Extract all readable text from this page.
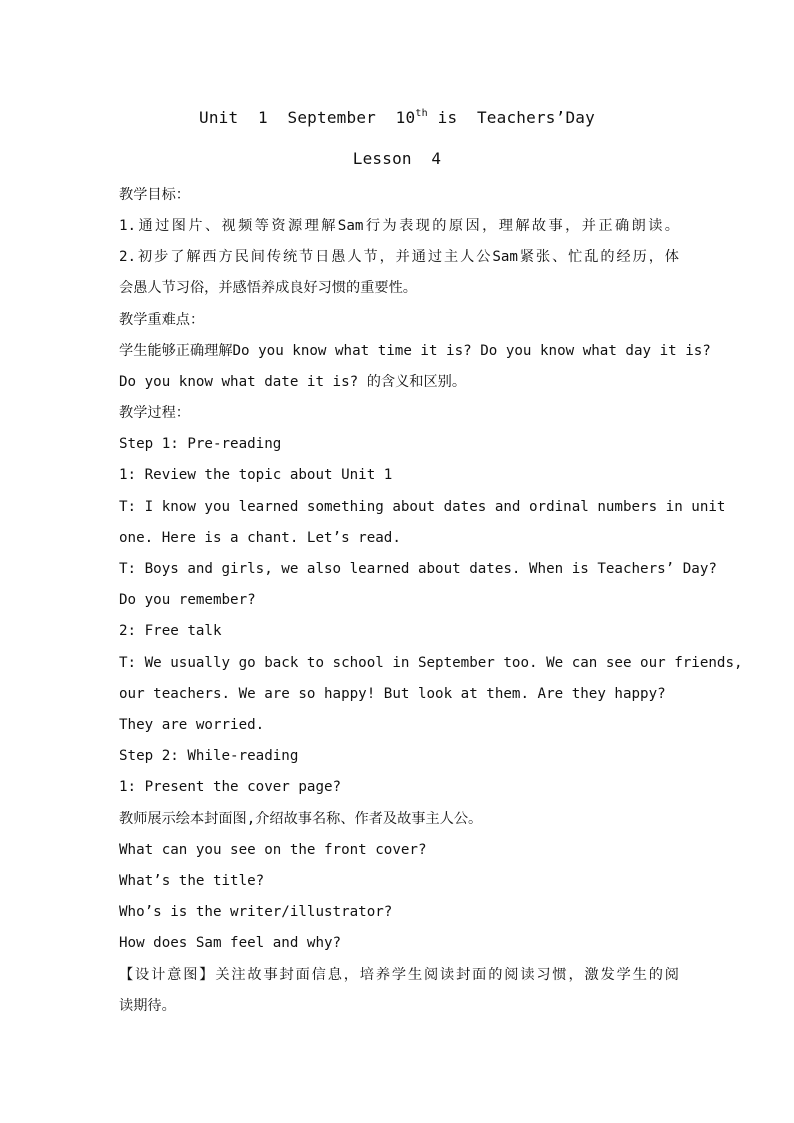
Unit  1  September  10th is  Teachers’Day
Lesson  4
教学目标：
1.通过图片、视频等资源理解Sam行为表现的原因，理解故事，并正确朗读。
2.初步了解西方民间传统节日愚人节，并通过主人公Sam紧张、忙乱的经历，体
会愚人节习俗，并感悟养成良好习惯的重要性。
教学重难点：
学生能够正确理解Do you know what time it is? Do you know what day it is?
Do you know what date it is? 的含义和区别。
教学过程：
Step 1: Pre-reading
1: Review the topic about Unit 1
T: I know you learned something about dates and ordinal numbers in unit
one. Here is a chant. Let’s read.
T: Boys and girls, we also learned about dates. When is Teachers’ Day?
Do you remember?
2: Free talk
T: We usually go back to school in September too. We can see our friends,
our teachers. We are so happy! But look at them. Are they happy?
They are worried.
Step 2: While-reading
1: Present the cover page?
教师展示绘本封面图,介绍故事名称、作者及故事主人公。
What can you see on the front cover?
What’s the title?
Who’s is the writer/illustrator?
How does Sam feel and why?
【设计意图】关注故事封面信息，培养学生阅读封面的阅读习惯，激发学生的阅
读期待。
